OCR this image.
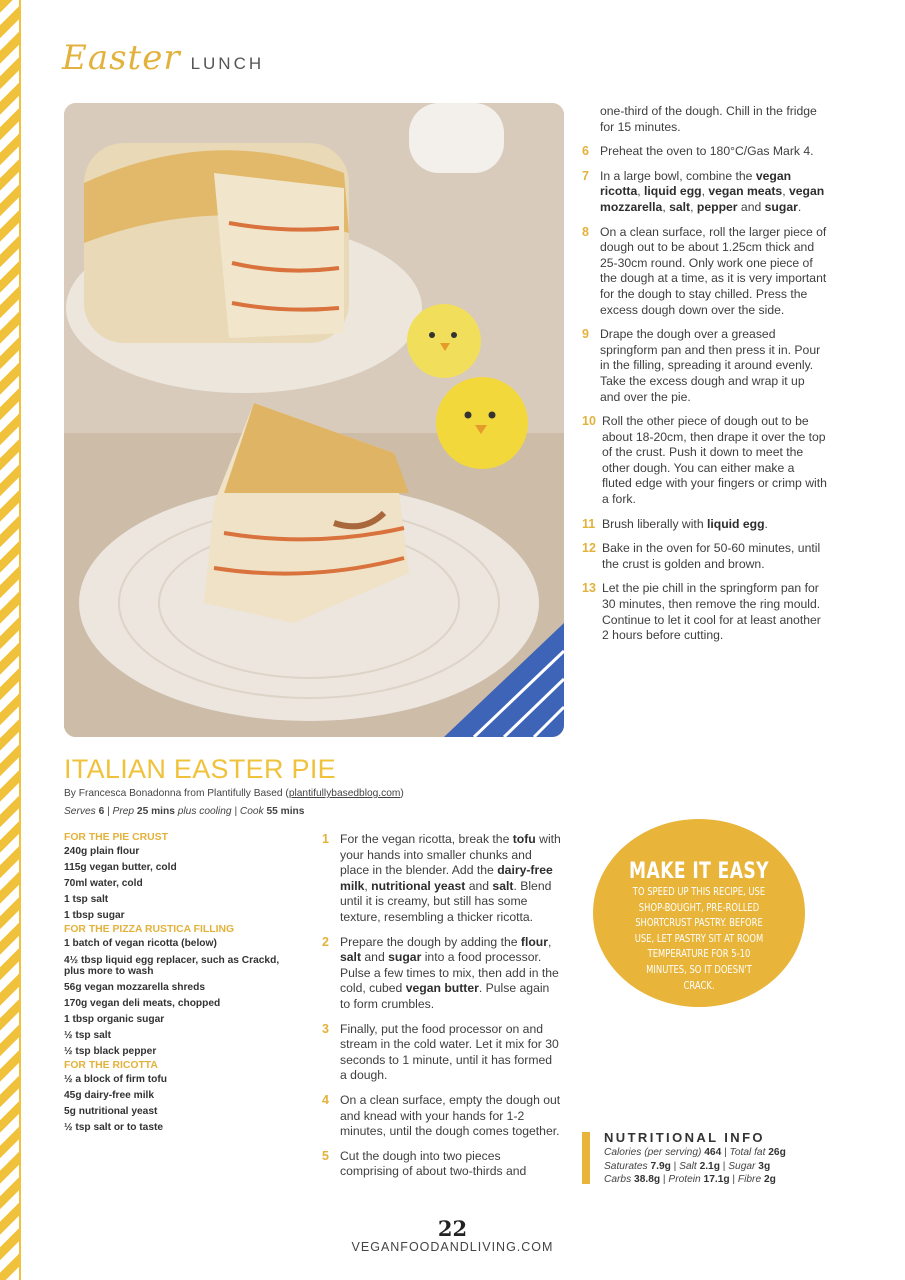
Easter LUNCH
one-third of the dough. Chill in the fridge for 15 minutes.
6 Preheat the oven to 180°C/Gas Mark 4.
7 In a large bowl, combine the vegan ricotta, liquid egg, vegan meats, vegan mozzarella, salt, pepper and sugar.
8 On a clean surface, roll the larger piece of dough out to be about 1.25cm thick and 25-30cm round. Only work one piece of the dough at a time, as it is very important for the dough to stay chilled. Press the excess dough down over the side.
9 Drape the dough over a greased springform pan and then press it in. Pour in the filling, spreading it around evenly. Take the excess dough and wrap it up and over the pie.
10 Roll the other piece of dough out to be about 18-20cm, then drape it over the top of the crust. Push it down to meet the other dough. You can either make a fluted edge with your fingers or crimp with a fork.
11 Brush liberally with liquid egg.
12 Bake in the oven for 50-60 minutes, until the crust is golden and brown.
13 Let the pie chill in the springform pan for 30 minutes, then remove the ring mould. Continue to let it cool for at least another 2 hours before cutting.
ITALIAN EASTER PIE
By Francesca Bonadonna from Plantifully Based (plantifullybasedblog.com)
Serves 6 | Prep 25 mins plus cooling | Cook 55 mins
FOR THE PIE CRUST
240g plain flour
115g vegan butter, cold
70ml water, cold
1 tsp salt
1 tbsp sugar
FOR THE PIZZA RUSTICA FILLING
1 batch of vegan ricotta (below)
4½ tbsp liquid egg replacer, such as Crackd, plus more to wash
56g vegan mozzarella shreds
170g vegan deli meats, chopped
1 tbsp organic sugar
½ tsp salt
½ tsp black pepper
FOR THE RICOTTA
½ a block of firm tofu
45g dairy-free milk
5g nutritional yeast
½ tsp salt or to taste
1 For the vegan ricotta, break the tofu with your hands into smaller chunks and place in the blender. Add the dairy-free milk, nutritional yeast and salt. Blend until it is creamy, but still has some texture, resembling a thicker ricotta.
2 Prepare the dough by adding the flour, salt and sugar into a food processor. Pulse a few times to mix, then add in the cold, cubed vegan butter. Pulse again to form crumbles.
3 Finally, put the food processor on and stream in the cold water. Let it mix for 30 seconds to 1 minute, until it has formed a dough.
4 On a clean surface, empty the dough out and knead with your hands for 1-2 minutes, until the dough comes together.
5 Cut the dough into two pieces comprising of about two-thirds and
MAKE IT EASY
TO SPEED UP THIS RECIPE, USE SHOP-BOUGHT, PRE-ROLLED SHORTCRUST PASTRY. BEFORE USE, LET PASTRY SIT AT ROOM TEMPERATURE FOR 5-10 MINUTES, SO IT DOESN'T CRACK.
NUTRITIONAL INFO
Calories (per serving) 464 | Total fat 26g
Saturates 7.9g | Salt 2.1g | Sugar 3g
Carbs 38.8g | Protein 17.1g | Fibre 2g
22
VEGANFOODANDLIVING.COM
